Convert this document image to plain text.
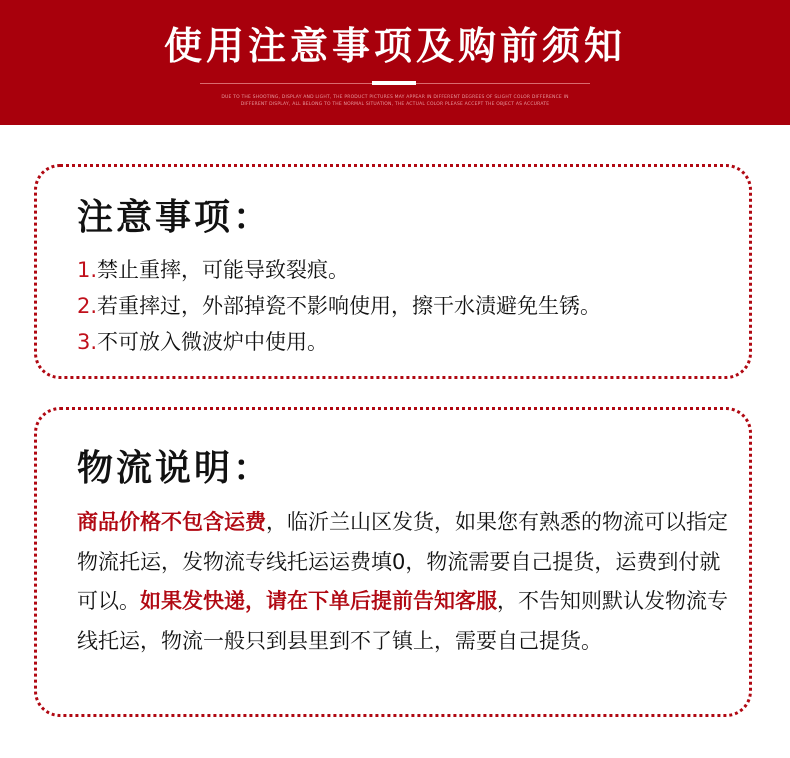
使用注意事项及购前须知
DUE TO THE SHOOTING, DISPLAY AND LIGHT, THE PRODUCT PICTURES MAY APPEAR IN DIFFERENT DEGREES OF SLIGHT COLOR DIFFERENCE IN DIFFERENT DISPLAY, ALL BELONG TO THE NORMAL SITUATION, THE ACTUAL COLOR PLEASE ACCEPT THE OBJECT AS ACCURATE
注意事项：
1.禁止重摔，可能导致裂痕。
2.若重摔过，外部掉瓷不影响使用，擦干水渍避免生锈。
3.不可放入微波炉中使用。
物流说明：
商品价格不包含运费，临沂兰山区发货，如果您有熟悉的物流可以指定物流托运，发物流专线托运运费填0，物流需要自己提货，运费到付就可以。如果发快递，请在下单后提前告知客服，不告知则默认发物流专线托运，物流一般只到县里到不了镇上，需要自己提货。
